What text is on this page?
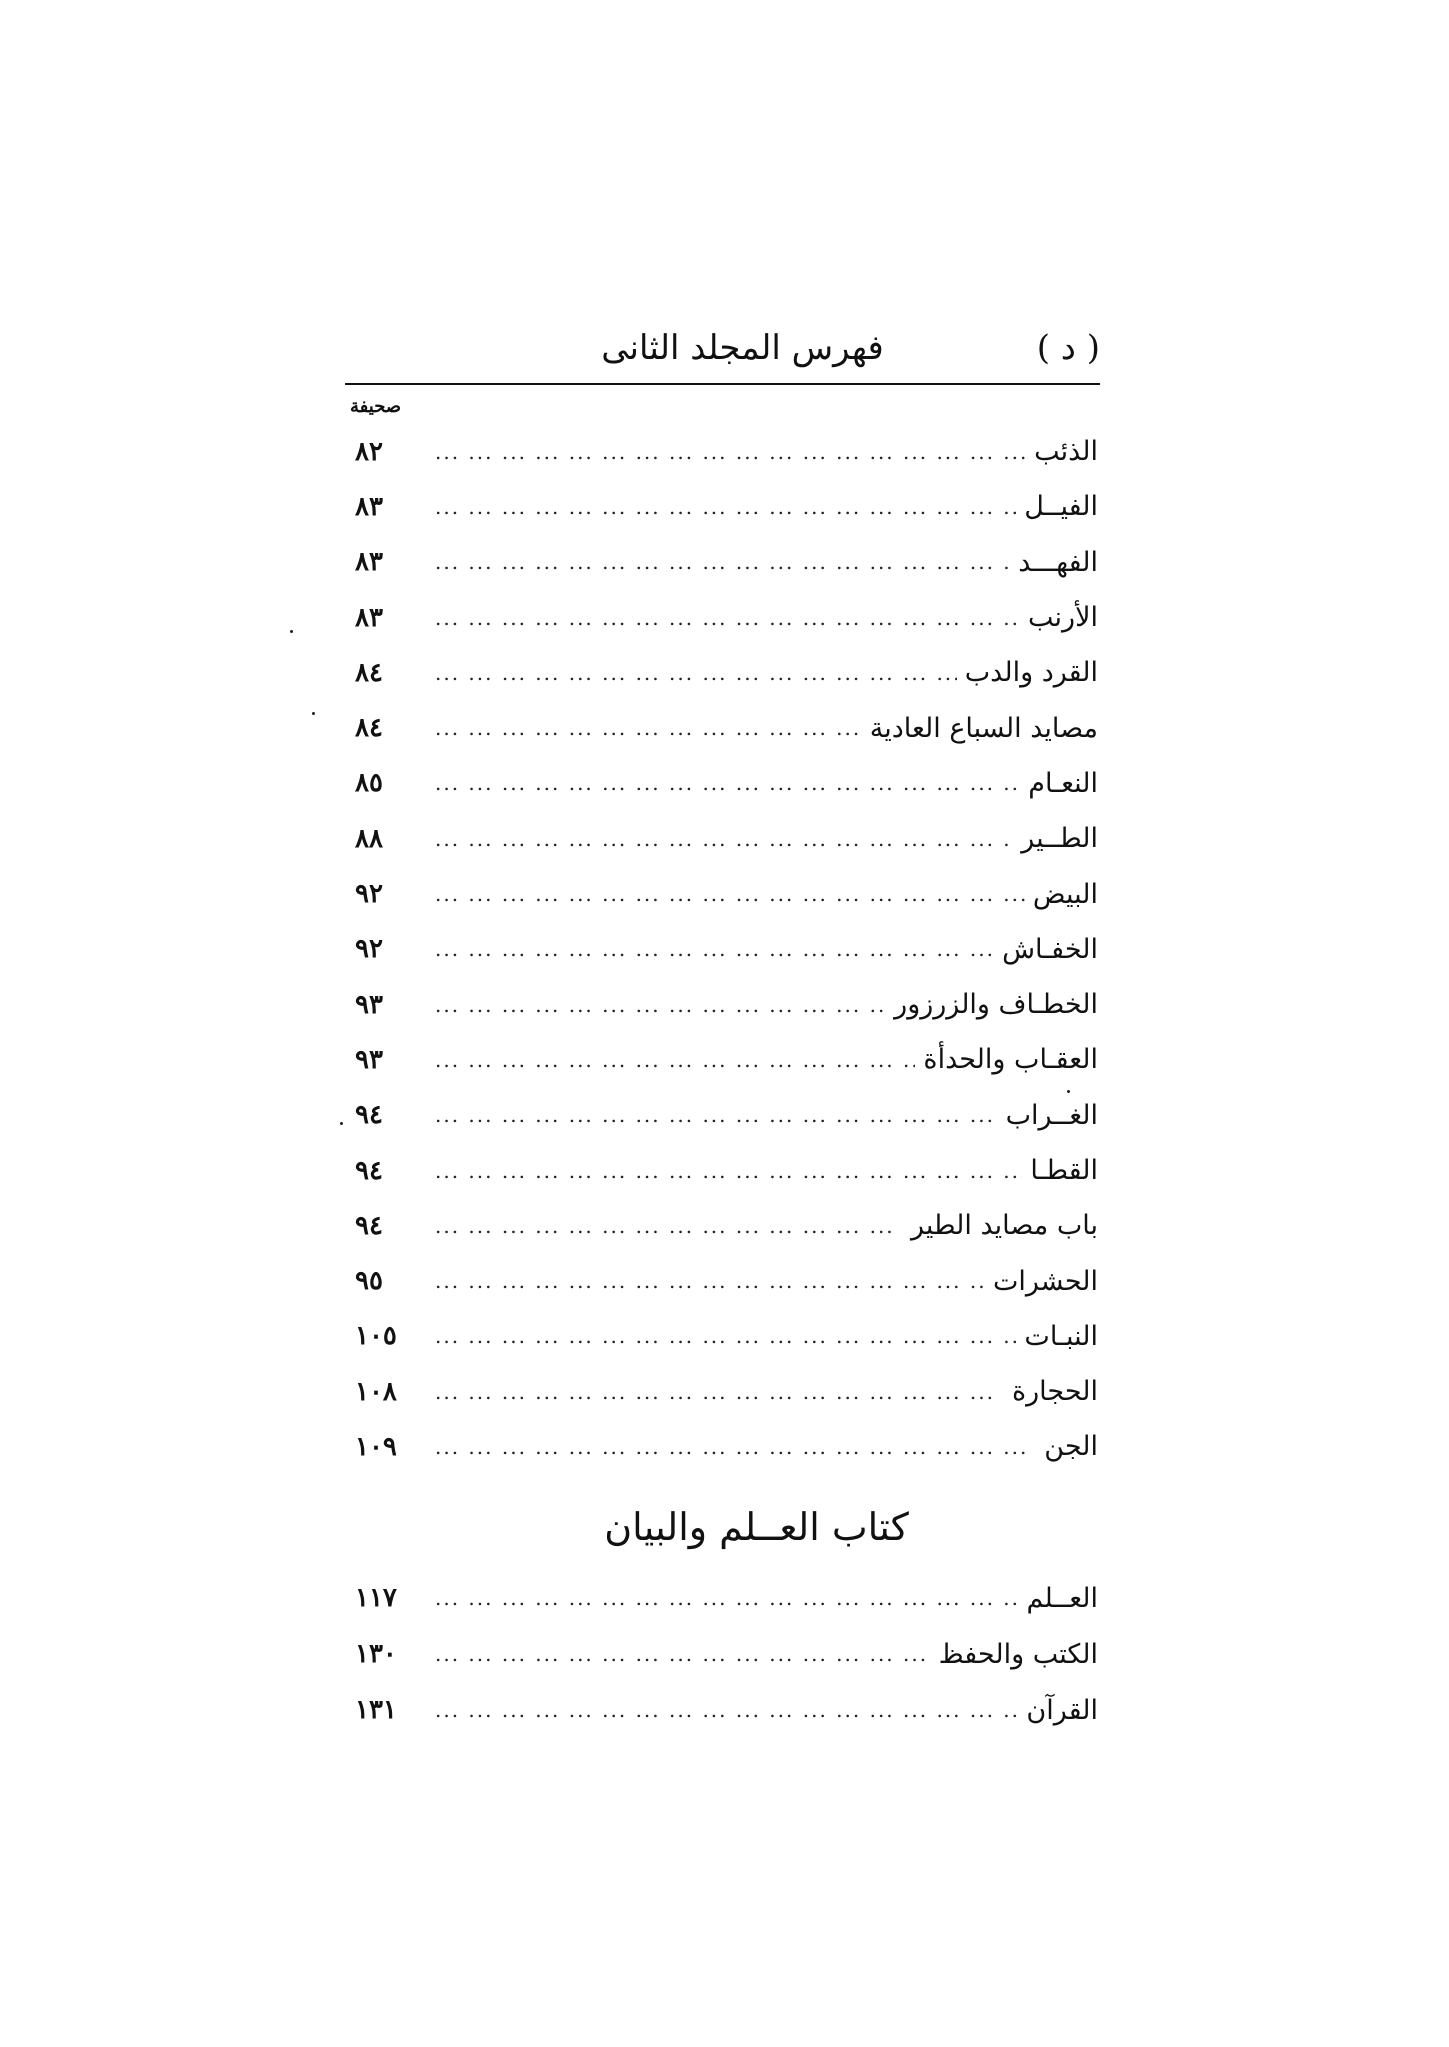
( د )
فهرس المجلد الثانى
صحيفة
الذئب
... .
٨٢
الفيــل
... .
٨٣
الفهـــد
... .
٨٣
الأرنب
... .
٨٣
القرد والدب
... .
٨٤
مصايد السباع العادية
... .
٨٤
النعـام
... .
٨٥
الطــير
... .
٨٨
البيض
... .
٩٢
الخفـاش
... .
٩٢
الخطـاف والزرزور
... .
٩٣
العقـاب والحدأة
... .
٩٣
الغــراب
... .
٩٤
القطـا
... .
٩٤
باب مصايد الطير
... .
٩٤
الحشرات
... .
٩٥
النبـات
... .
١٠٥
الحجارة
... .
١٠٨
الجن
... .
١٠٩
كتاب العــلم والبيان
العــلم
... .
١١٧
الكتب والحفظ
... .
١٣٠
القرآن
... .
١٣١
